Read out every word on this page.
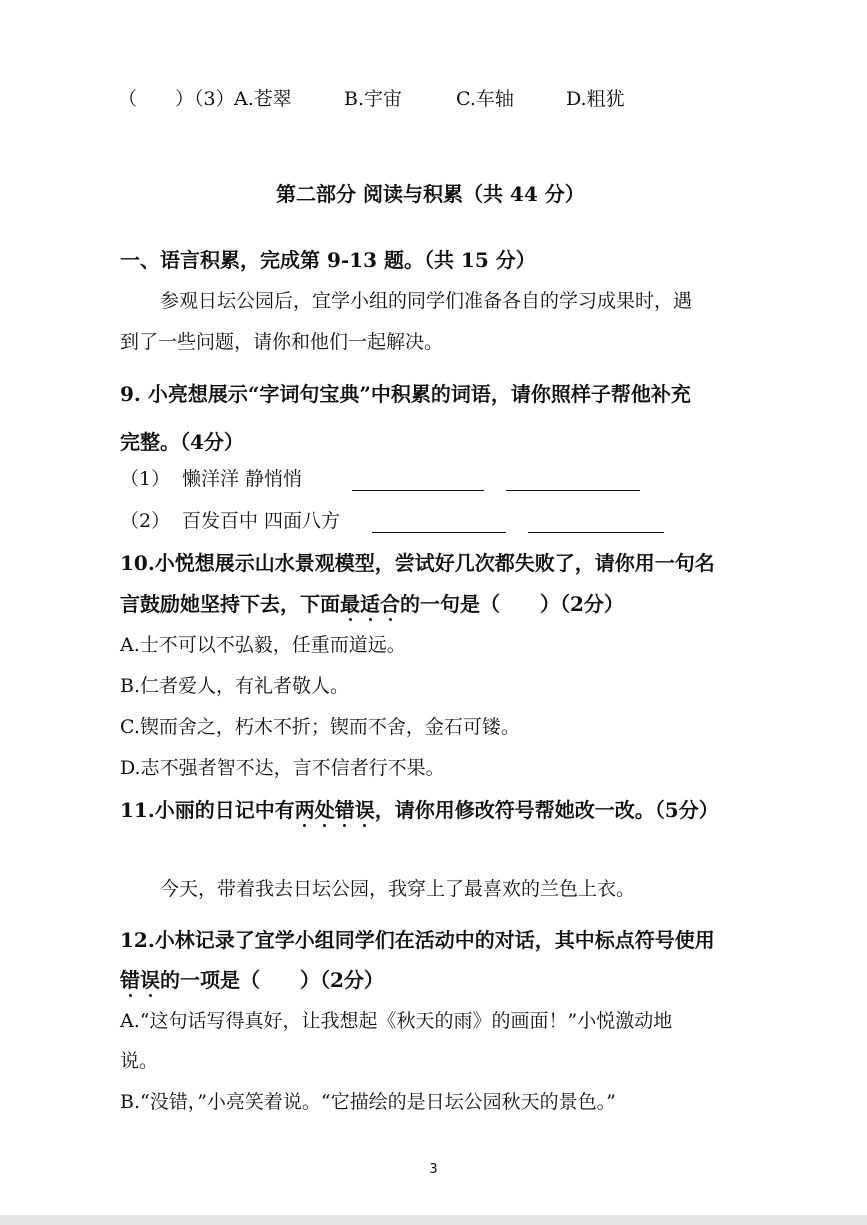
（　　）（3） A.苍翠	B.宇宙	C.车轴	D.粗犹
第二部分 阅读与积累（共 44 分）
一、语言积累，完成第 9-13 题。（共 15 分）
参观日坛公园后，宜学小组的同学们准备各自的学习成果时，遇
到了一些问题，请你和他们一起解决。
9. 小亮想展示“字词句宝典”中积累的词语，请你照样子帮他补充
完整。（4分）
（1） 懒洋洋 静悄悄
（2） 百发百中 四面八方
10.小悦想展示山水景观模型，尝试好几次都失败了，请你用一句名
言鼓励她坚持下去，下面最适合的一句是（　　）（2分）
A.士不可以不弘毅，任重而道远。
B.仁者爱人，有礼者敬人。
C.锲而舍之，朽木不折；锲而不舍，金石可镂。
D.志不强者智不达，言不信者行不果。
11.小丽的日记中有两处错误，请你用修改符号帮她改一改。（5分）
今天，带着我去日坛公园，我穿上了最喜欢的兰色上衣。
12.小林记录了宜学小组同学们在活动中的对话，其中标点符号使用
错误的一项是（　　）（2分）
A.“这句话写得真好，让我想起《秋天的雨》的画面！”小悦激动地
说。
B.“没错，”小亮笑着说。“它描绘的是日坛公园秋天的景色。”
3
